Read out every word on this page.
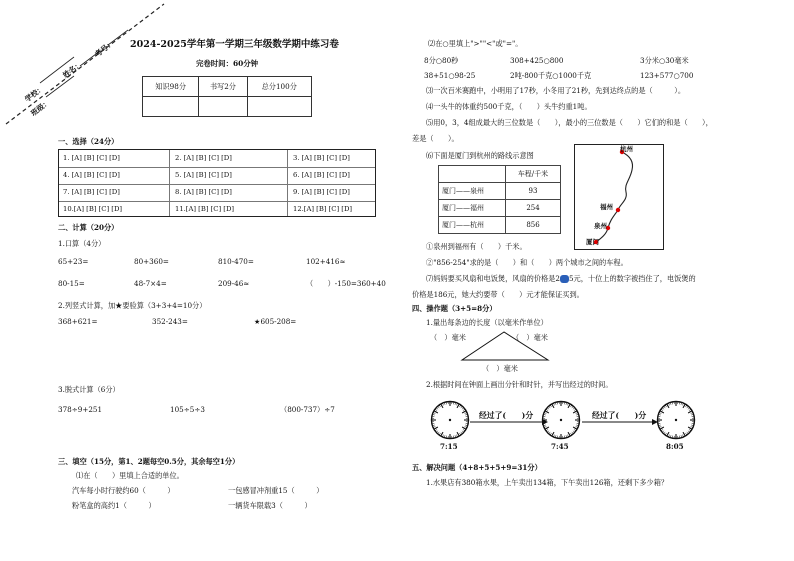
学校：
姓名：
考号：
班级：
2024-2025学年第一学期三年级数学期中练习卷
完卷时间：60分钟
知识98分	书写2分	总分100分

一、选择（24分）
1. [A] [B] [C] [D]	2. [A] [B] [C] [D]	3. [A] [B] [C] [D]
4. [A] [B] [C] [D]	5. [A] [B] [C] [D]	6. [A] [B] [C] [D]
7. [A] [B] [C] [D]	8. [A] [B] [C] [D]	9. [A] [B] [C] [D]
10.[A] [B] [C] [D]	11.[A] [B] [C] [D]	12.[A] [B] [C] [D]
二、计算（20分）
1.口算（4分）
65+23=	80+360=	810-470=	102+416≈
80-15=	48-7×4=	209-46≈	（　　）-150=360+40
2.列竖式计算，加★要验算（3+3+4=10分）
368+621=	352-243=	★605-208=
3.脱式计算（6分）
378÷9+251	105÷5÷3	（800-737）÷7
三、填空（15分，第1、2题每空0.5分，其余每空1分）
⑴在（　　）里填上合适的单位。
汽车每小时行驶约60（　　　）	一包感冒冲剂重15（　　　）
粉笔盒的高约1（　　　）	一辆货车限载3（　　　）
⑵在○里填上">""<"或"="。
8分○80秒	308+425○800	3分米○30毫米
38+51○98-25	2吨-800千克○1000千克	123+577○700
⑶一次百米赛跑中，小明用了17秒，小冬用了21秒，先到达终点的是（　　　）。
⑷一头牛的体重约500千克，（　　）头牛约重1吨。
⑸用0，3，4组成最大的三位数是（　　），最小的三位数是（　　）它们的和是（　　），
差是（　　）。
⑹下面是厦门到杭州的路线示意图
	车程/千米
厦门——泉州	93
厦门——福州	254
厦门——杭州	856
杭州
福州
泉州
厦门
①泉州到福州有（　　）千米。
②"856-254"求的是（　　）和（　　）两个城市之间的车程。
⑺妈妈要买风扇和电饭煲，风扇的价格是2 5元，十位上的数字被挡住了，电饭煲的
价格是186元，她大约要带（　　）元才能保证买到。
四、操作题（3+5=8分）
1.量出每条边的长度（以毫米作单位）
（　）毫米	（　）毫米
（　）毫米
2.根据时间在钟面上画出分针和时针，并写出经过的时间。
7:15	7:45	8:05
经过了(　　)分	经过了(　　)分
五、解决问题（4+8+5+5+9=31分）
1.水果店有380箱水果，上午卖出134箱，下午卖出126箱，还剩下多少箱？
